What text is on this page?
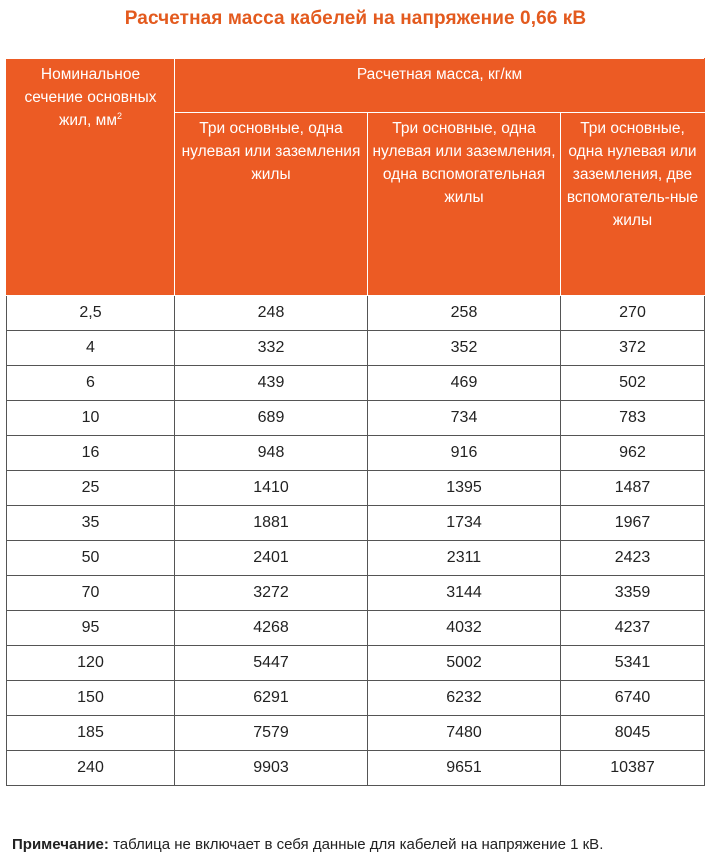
Расчетная масса кабелей на напряжение 0,66 кВ
Номинальное сечение основных жил, $мм^2$	Расчетная масса, кг/км		
	Три основные, одна нулевая или заземления жилы	Три основные, одна нулевая или заземления, одна вспомогательная жилы	Три основные, одна нулевая или заземления, две вспомогатель-ные жилы
2,5	248	258	270
4	332	352	372
6	439	469	502
10	689	734	783
16	948	916	962
25	1410	1395	1487
35	1881	1734	1967
50	2401	2311	2423
70	3272	3144	3359
95	4268	4032	4237
120	5447	5002	5341
150	6291	6232	6740
185	7579	7480	8045
240	9903	9651	10387
Примечание: таблица не включает в себя данные для кабелей на напряжение 1 кВ.
